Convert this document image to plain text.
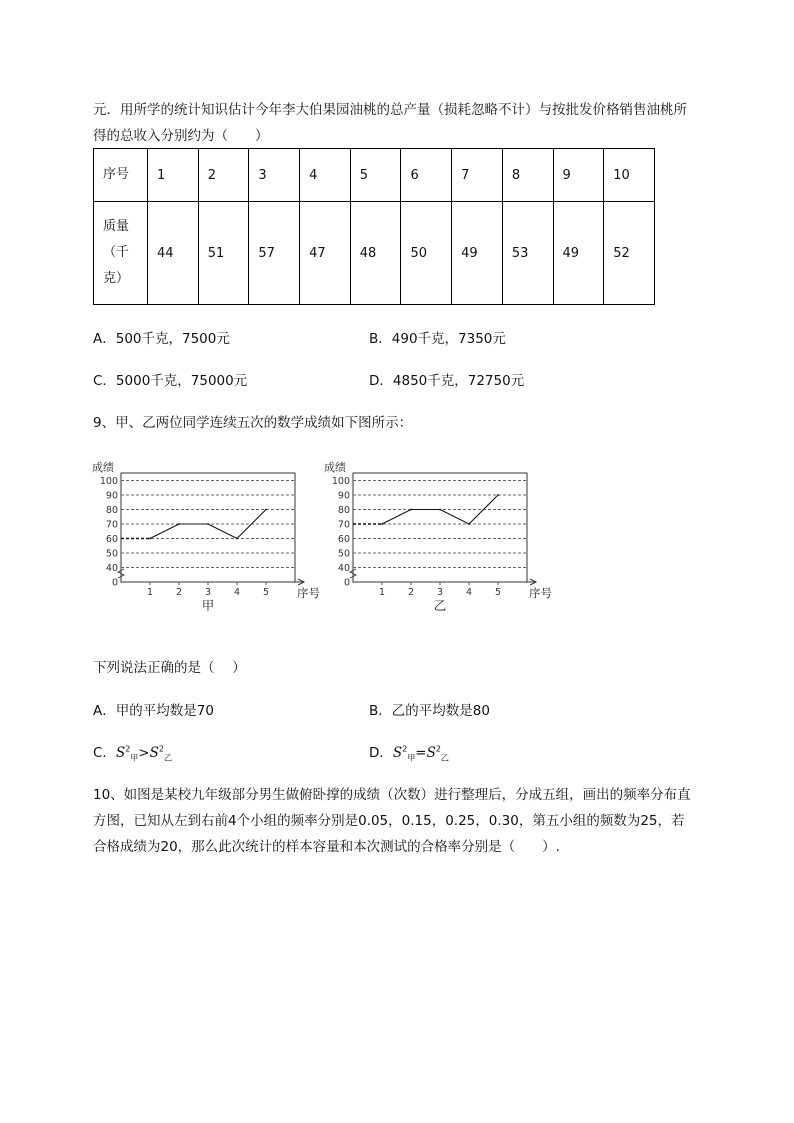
元．用所学的统计知识估计今年李大伯果园油桃的总产量（损耗忽略不计）与按批发价格销售油桃所
得的总收入分别约为（　　）
序号	1	2	3	4	5	6	7	8	9	10
质量（千克）	44	51	57	47	48	50	49	53	49	52
A．500千克，7500元	B．490千克，7350元
C．5000千克，75000元	D．4850千克，72750元
9、甲、乙两位同学连续五次的数学成绩如下图所示：
成绩
0
40
50
60
70
80
90
100
1 2 3 4 5 序号
甲
成绩
0
40
50
60
70
80
90
100
1 2 3 4 5 序号
乙
下列说法正确的是（　 ）
A．甲的平均数是70	B．乙的平均数是80
C．$S^2_甲>S^2_乙$	D．$S^2_甲=S^2_乙$
10、如图是某校九年级部分男生做俯卧撑的成绩（次数）进行整理后，分成五组，画出的频率分布直
方图，已知从左到右前4个小组的频率分别是0.05，0.15，0.25，0.30，第五小组的频数为25，若
合格成绩为20，那么此次统计的样本容量和本次测试的合格率分别是（　　）.
